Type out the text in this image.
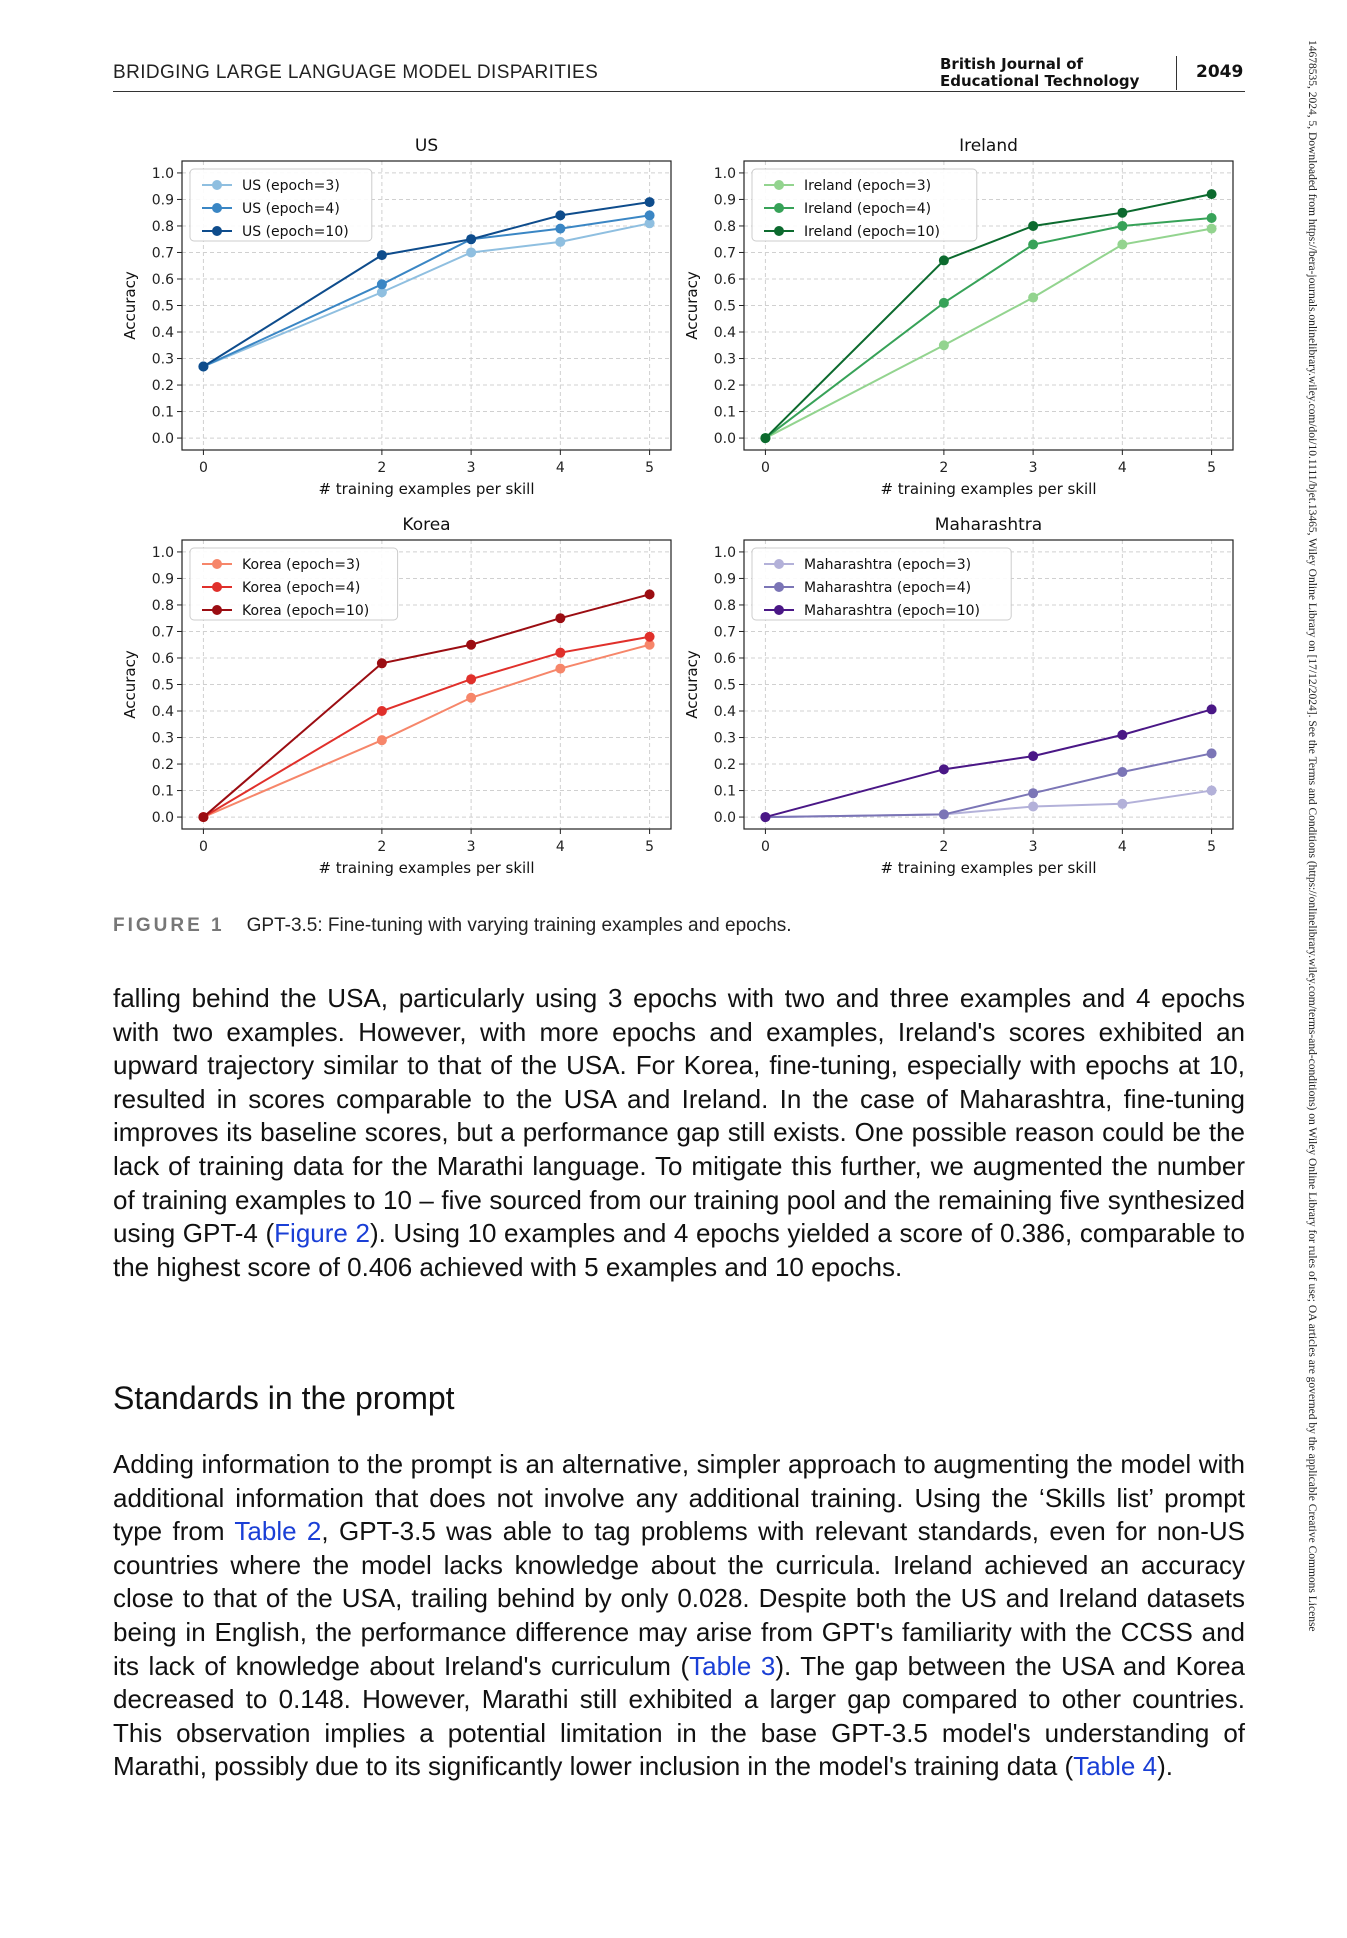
BRIDGING LARGE LANGUAGE MODEL DISPARITIES	British Journal of
Educational Technology	2049	14678535, 2024, 5, Downloaded from https://bera-journals.onlinelibrary.wiley.com/doi/10.1111/bjet.13465, Wiley Online Library on [17/12/2024]. See the Terms and Conditions (https://onlinelibrary.wiley.com/terms-and-conditions) on Wiley Online Library for rules of use; OA articles are governed by the applicable Creative Commons License
0.0
0.1
0.2
0.3
0.4
0.5
0.6
0.7
0.8
0.9
1.0
0	2	3	4	5
US
# training examples per skill
Accuracy
US (epoch=3)
US (epoch=4)
US (epoch=10)
0.0
0.1
0.2
0.3
0.4
0.5
0.6
0.7
0.8
0.9
1.0
0	2	3	4	5
Ireland
# training examples per skill
Accuracy
Ireland (epoch=3)
Ireland (epoch=4)
Ireland (epoch=10)
0.0
0.1
0.2
0.3
0.4
0.5
0.6
0.7
0.8
0.9
1.0
0	2	3	4	5
Korea
# training examples per skill
Accuracy
Korea (epoch=3)
Korea (epoch=4)
Korea (epoch=10)
0.0
0.1
0.2
0.3
0.4
0.5
0.6
0.7
0.8
0.9
1.0
0	2	3	4	5
Maharashtra
# training examples per skill
Accuracy
Maharashtra (epoch=3)
Maharashtra (epoch=4)
Maharashtra (epoch=10)
FIGURE 1 GPT-3.5: Fine-tuning with varying training examples and epochs.
falling behind the USA, particularly using 3 epochs with two and three examples and 4 epochs with two examples. However, with more epochs and examples, Ireland's scores exhibited an upward trajectory similar to that of the USA. For Korea, fine-tuning, especially with epochs at 10, resulted in scores comparable to the USA and Ireland. In the case of Maharashtra, fine-tuning improves its baseline scores, but a performance gap still exists. One possible reason could be the lack of training data for the Marathi language. To mitigate this further, we augmented the number of training examples to 10 – five sourced from our training pool and the remaining five synthesized using GPT-4 (Figure 2). Using 10 examples and 4 epochs yielded a score of 0.386, comparable to the highest score of 0.406 achieved with 5 examples and 10 epochs.
Standards in the prompt
Adding information to the prompt is an alternative, simpler approach to augmenting the model with additional information that does not involve any additional training. Using the ‘Skills list’ prompt type from Table 2, GPT-3.5 was able to tag problems with relevant standards, even for non-US countries where the model lacks knowledge about the curricula. Ireland achieved an accuracy close to that of the USA, trailing behind by only 0.028. Despite both the US and Ireland datasets being in English, the performance difference may arise from GPT's familiarity with the CCSS and its lack of knowledge about Ireland's curriculum (Table 3). The gap between the USA and Korea decreased to 0.148. However, Marathi still exhibited a larger gap compared to other countries. This observation implies a potential limitation in the base GPT-3.5 model's understanding of Marathi, possibly due to its significantly lower inclusion in the model's training data (Table 4).
